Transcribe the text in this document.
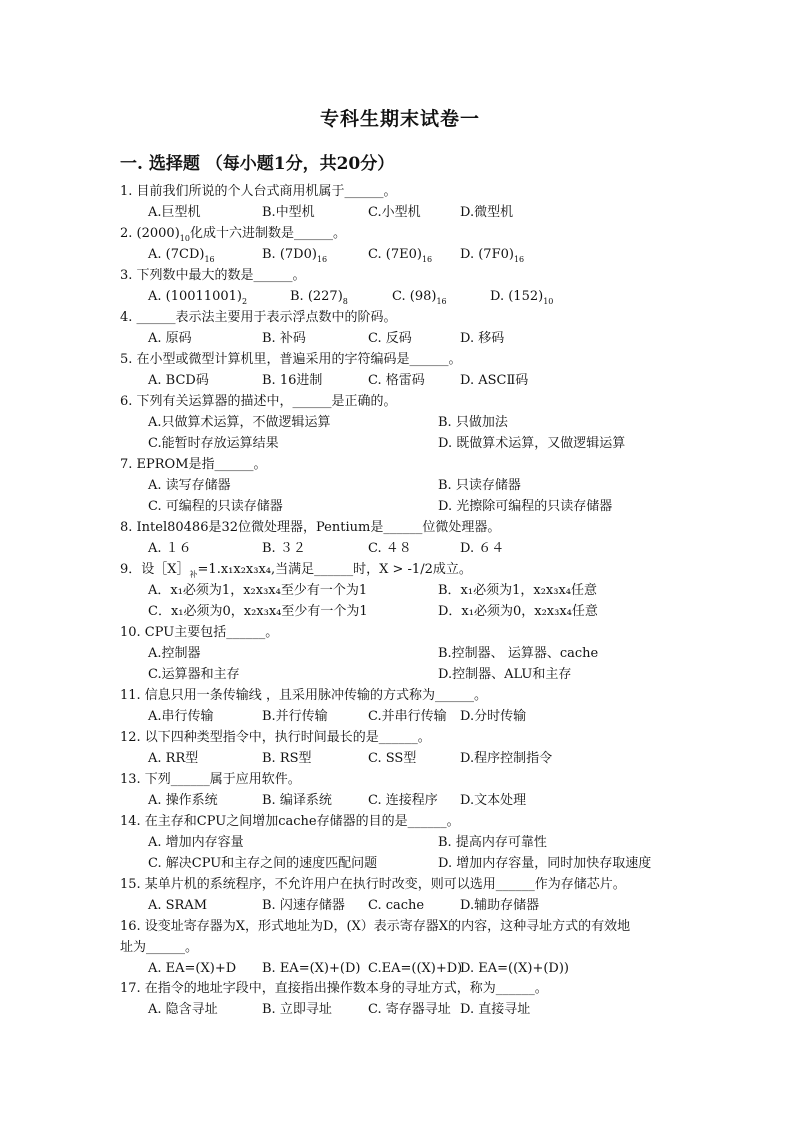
专科生期末试卷一
一. 选择题 （每小题1分，共20分）
1. 目前我们所说的个人台式商用机属于______。
A.巨型机	B.中型机	C.小型机	D.微型机
2. $(2000)_{10}$化成十六进制数是______。
A. $(7CD)_{16}$	B. $(7D0)_{16}$	C. $(7E0)_{16}$ D. $(7F0)_{16}$
3. 下列数中最大的数是______。
A. $(10011001)_2$	B. $(227)_8$	C. $(98)_{16}$	D. $(152)_{10}$
4. ______表示法主要用于表示浮点数中的阶码。
A. 原码	B. 补码	C. 反码	D. 移码
5. 在小型或微型计算机里，普遍采用的字符编码是______。
A. BCD码	B. 16进制	C. 格雷码	D. ASCⅡ码
6. 下列有关运算器的描述中，______是正确的。
A.只做算术运算，不做逻辑运算	B. 只做加法
C.能暂时存放运算结果	D. 既做算术运算，又做逻辑运算
7. EPROM是指______。
A. 读写存储器	B. 只读存储器
C. 可编程的只读存储器	D. 光擦除可编程的只读存储器
8. Intel80486是32位微处理器，Pentium是______位微处理器。
A. １６	B. ３２	C. ４８	D. ６４
9．设$[X]_补=1.x_1x_2x_3x_4$,当满足______时，X > -1/2成立。
A．x₁必须为1，x₂x₃x₄至少有一个为1	B．x₁必须为1，x₂x₃x₄任意
C．x₁必须为0，x₂x₃x₄至少有一个为1	D．x₁必须为0，x₂x₃x₄任意
10. CPU主要包括______。
A.控制器	B.控制器、 运算器、cache
C.运算器和主存	D.控制器、ALU和主存
11. 信息只用一条传输线 ，且采用脉冲传输的方式称为______。
A.串行传输	B.并行传输	C.并串行传输 D.分时传输
12. 以下四种类型指令中，执行时间最长的是______。
A. RR型	B. RS型	C. SS型	D.程序控制指令
13. 下列______属于应用软件。
A. 操作系统	B. 编译系统	C. 连接程序 D.文本处理
14. 在主存和CPU之间增加cache存储器的目的是______。
A. 增加内存容量	B. 提高内存可靠性
C. 解决CPU和主存之间的速度匹配问题	D. 增加内存容量，同时加快存取速度
15. 某单片机的系统程序，不允许用户在执行时改变，则可以选用______作为存储芯片。
A. SRAM	B. 闪速存储器 C. cache	D.辅助存储器
16. 设变址寄存器为X，形式地址为D，(X）表示寄存器X的内容，这种寻址方式的有效地
址为______。
A. EA=(X)+D B. EA=(X)+(D) C.EA=((X)+D)
D. EA=((X)+(D))
17. 在指令的地址字段中，直接指出操作数本身的寻址方式，称为______。
A. 隐含寻址	B. 立即寻址	C. 寄存器寻址 D. 直接寻址
